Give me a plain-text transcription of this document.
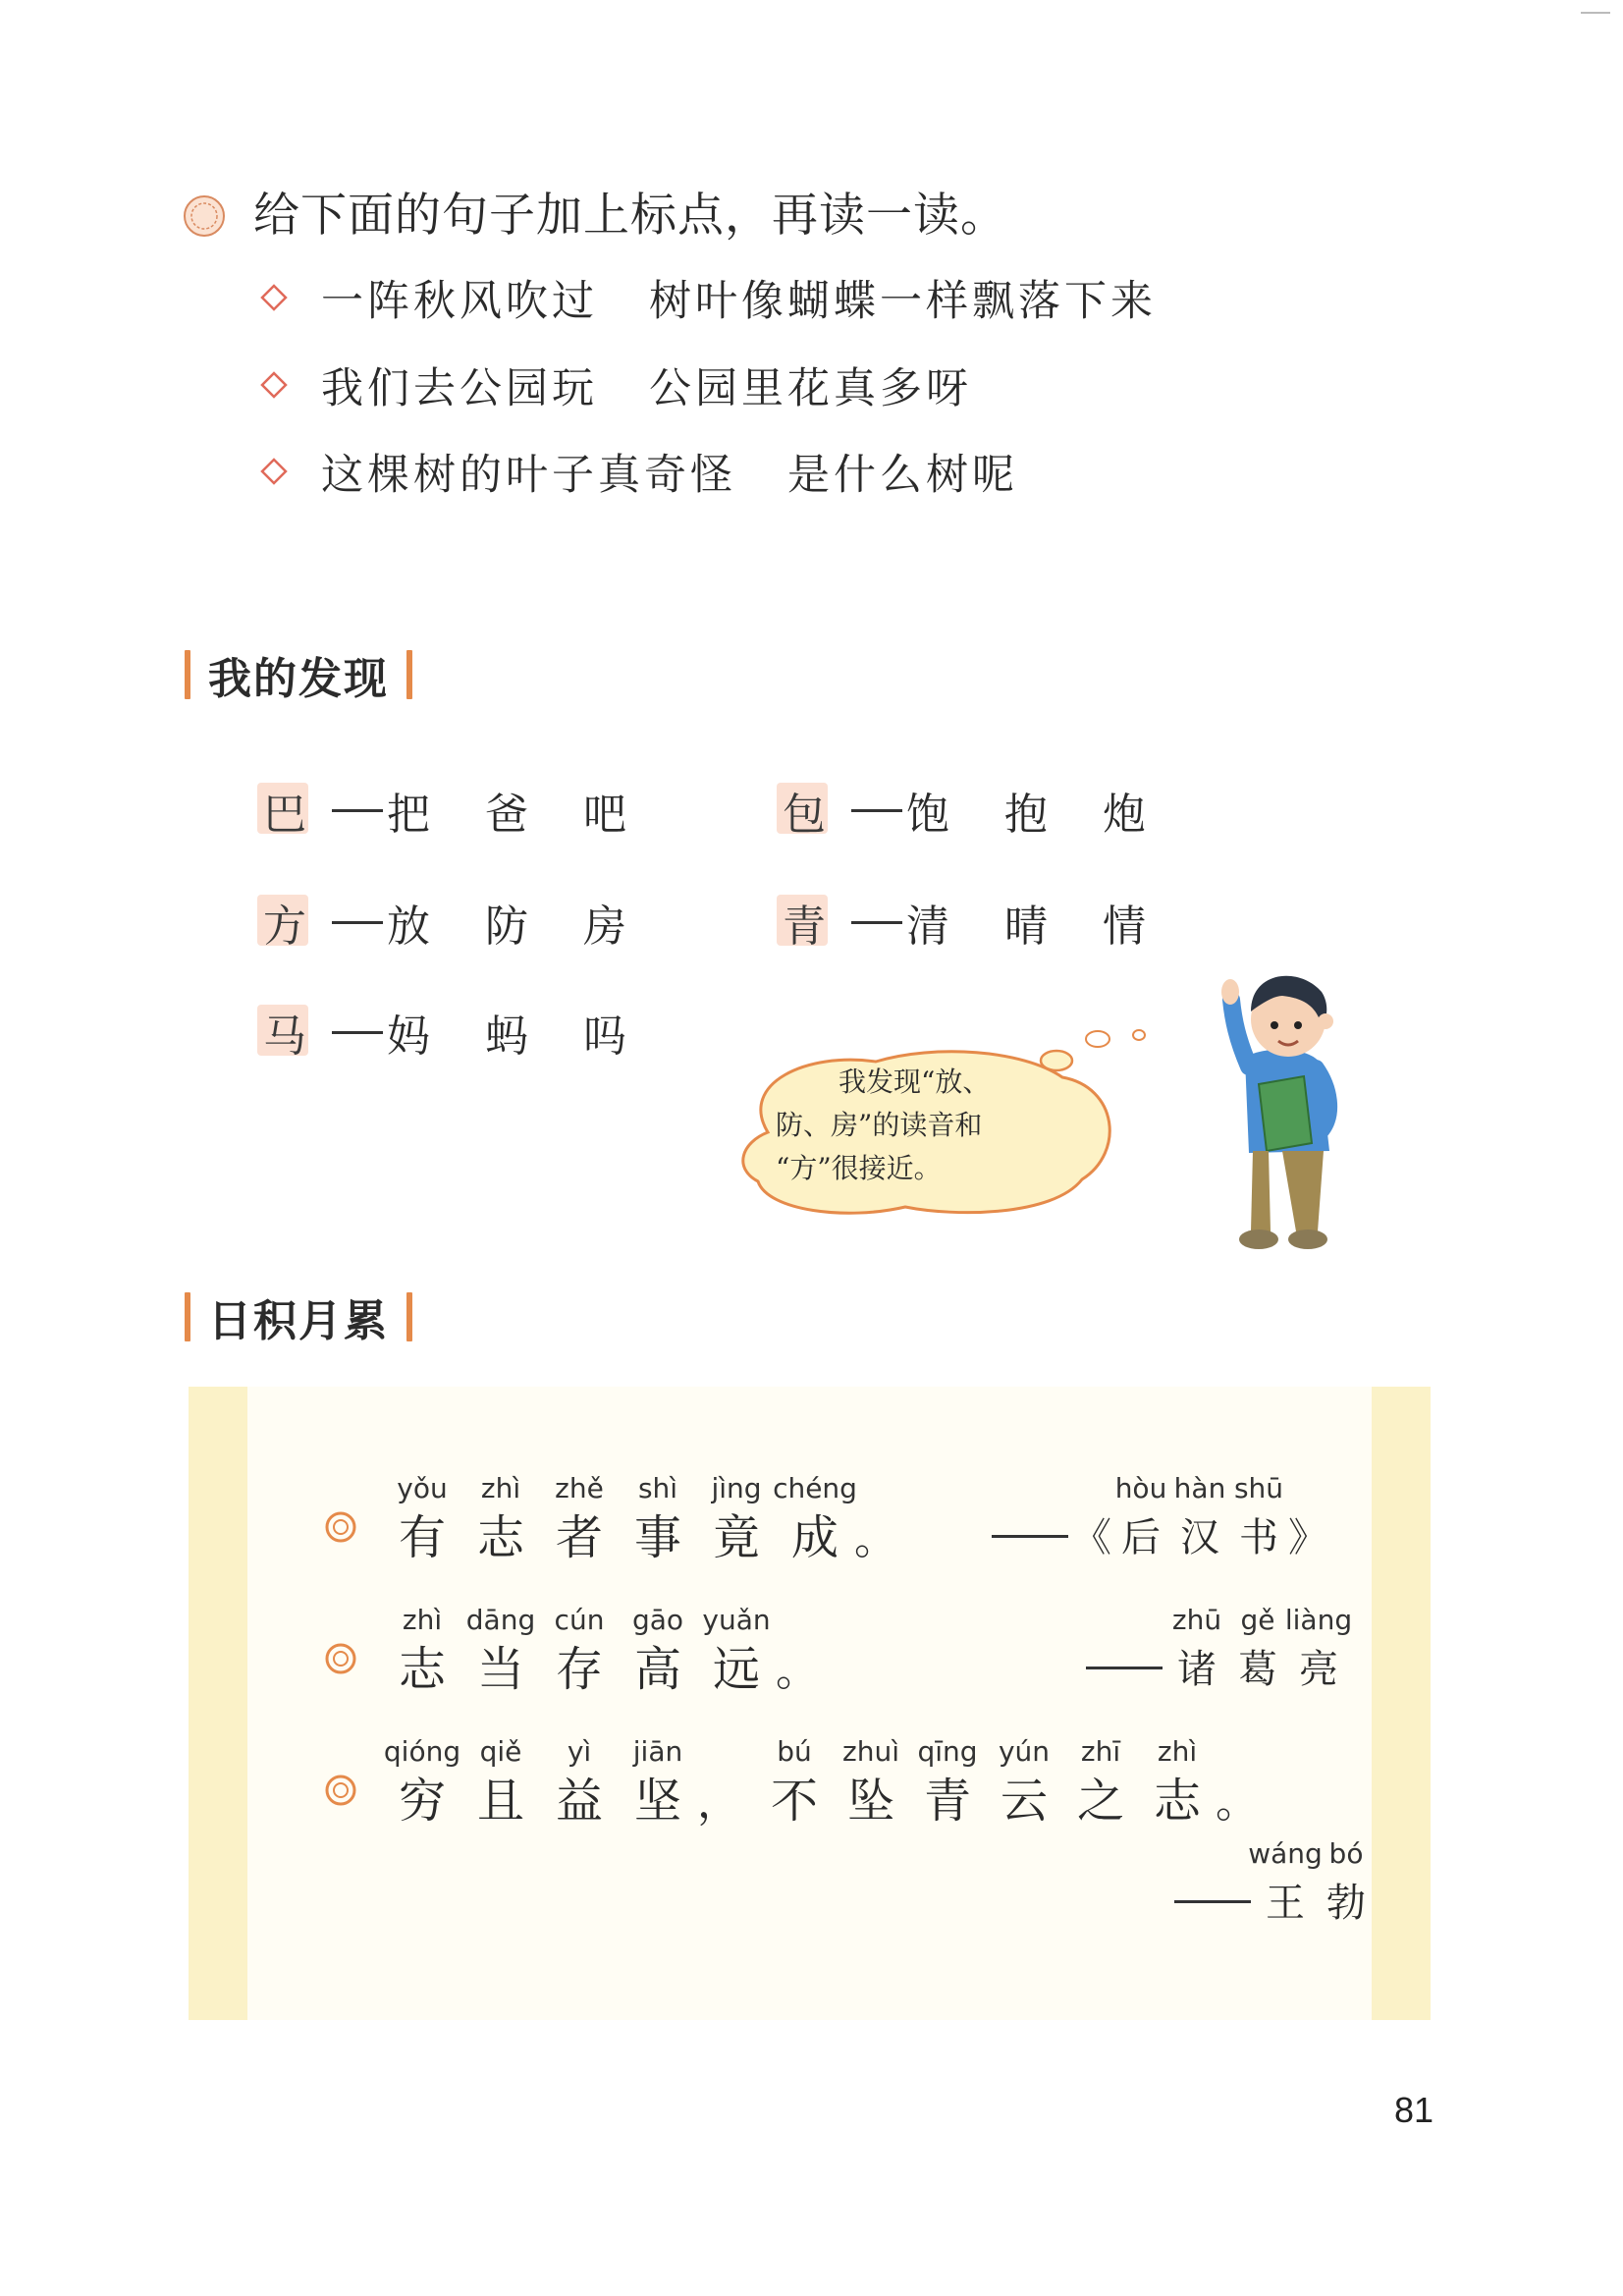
给下面的句子加上标点，再读一读。
一阵秋风吹过 树叶像蝴蝶一样飘落下来
我们去公园玩 公园里花真多呀
这棵树的叶子真奇怪 是什么树呢
我的发现
巴 把	爸	吧	包 饱	抱	炮
方 放	防	房	青 清	晴	情
马 妈	蚂	吗
我发现“放、
防、房”的读音和
“方”很接近。
日积月累
yǒu
有
zhì
志
zhě
者
shì
事
jìng
竟
chéng
成 。	《
hòu
后
hàn
汉
shū
书 》
zhì
志
dāng
当
cún
存
gāo
高
yuǎn
远 。
zhū
诸
gě
葛
liàng
亮
qióng
穷
qiě
且
yì
益
jiān
坚 ，
bú
不
zhuì
坠
qīng
青
yún
云
zhī
之
zhì
志 。
wáng
王
bó
勃
81
